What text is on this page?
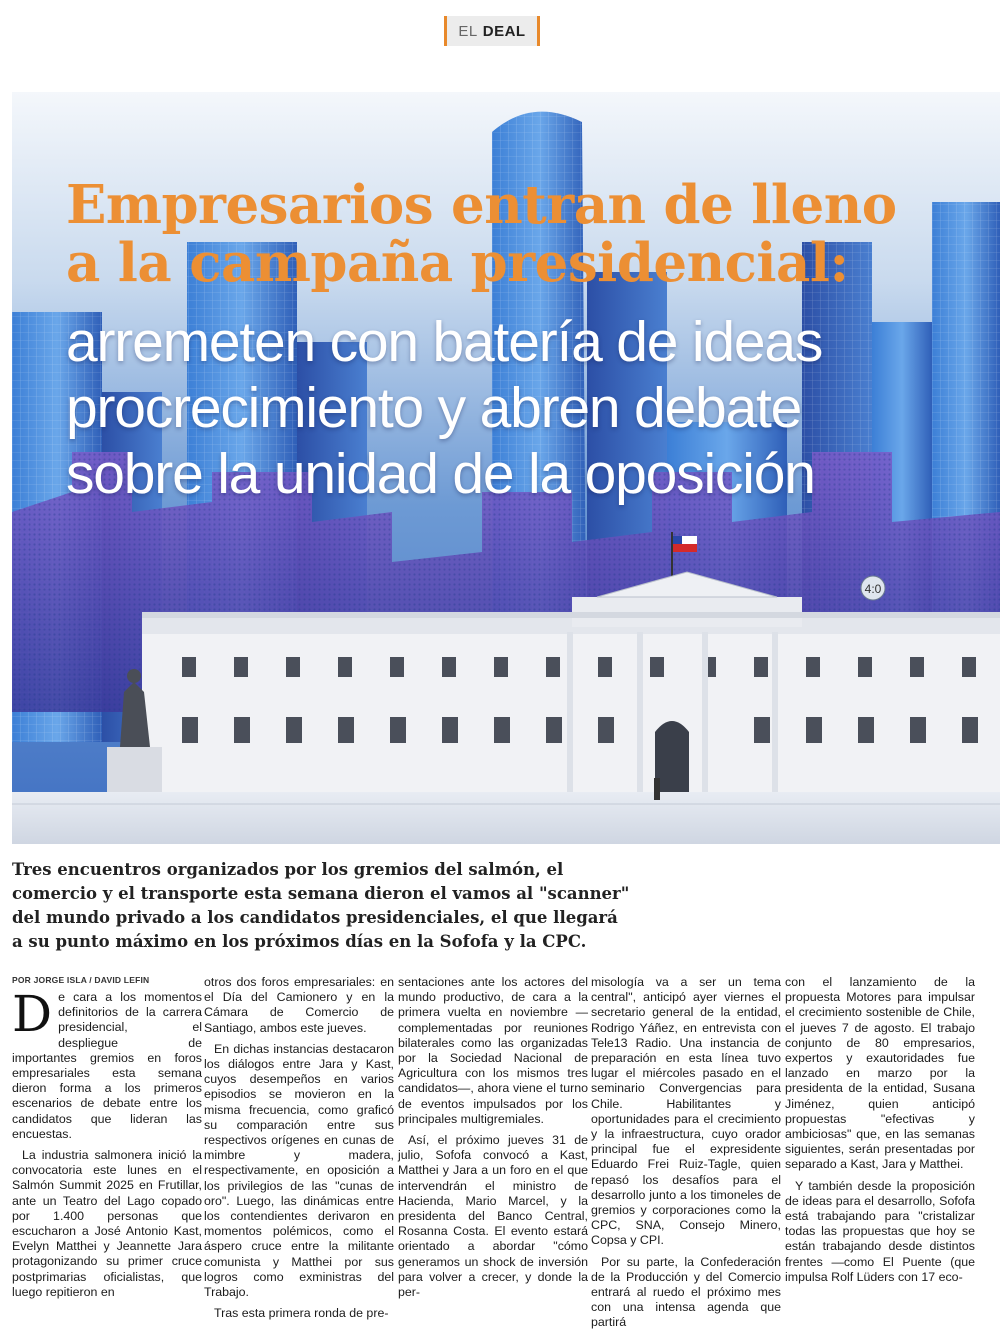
EL DEAL
4:0
Empresarios entran de lleno
a la campaña presidencial:
arremeten con batería de ideas
procrecimiento y abren debate
sobre la unidad de la oposición
Tres encuentros organizados por los gremios del salmón, el
comercio y el transporte esta semana dieron el vamos al "scanner"
del mundo privado a los candidatos presidenciales, el que llegará
a su punto máximo en los próximos días en la Sofofa y la CPC.
POR JORGE ISLA / DAVID LEFIN

De cara a los momentos definitorios de la carrera presidencial, el despliegue de importantes gremios en foros empresariales esta semana dieron forma a los primeros escenarios de debate entre los candidatos que lideran las encuestas.

La industria salmonera inició la convocatoria este lunes en el Salmón Summit 2025 en Frutillar, ante un Teatro del Lago copado por 1.400 personas que escucharon a José Antonio Kast, Evelyn Matthei y Jeannette Jara protagonizando su primer cruce postprimarias oficialistas, que luego repitieron en

otros dos foros empresariales: en el Día del Camionero y en la Cámara de Comercio de Santiago, ambos este jueves.

En dichas instancias destacaron los diálogos entre Jara y Kast, cuyos desempeños en varios episodios se movieron en la misma frecuencia, como graficó su comparación entre sus respectivos orígenes en cunas de mimbre y madera, respectivamente, en oposición a los privilegios de las "cunas de oro". Luego, las dinámicas entre los contendientes derivaron en momentos polémicos, como el áspero cruce entre la militante comunista y Matthei por sus logros como exministras del Trabajo.

Tras esta primera ronda de pre-

sentaciones ante los actores del mundo productivo, de cara a la primera vuelta en noviembre — complementadas por reuniones bilaterales como las organizadas por la Sociedad Nacional de Agricultura con los mismos tres candidatos—, ahora viene el turno de eventos impulsados por los principales multigremiales.

Así, el próximo jueves 31 de julio, Sofofa convocó a Kast, Matthei y Jara a un foro en el que intervendrán el ministro de Hacienda, Mario Marcel, y la presidenta del Banco Central, Rosanna Costa. El evento estará orientado a abordar "cómo generamos un shock de inversión para volver a crecer, y donde la per-

misología va a ser un tema central", anticipó ayer viernes el secretario general de la entidad, Rodrigo Yáñez, en entrevista con Tele13 Radio. Una instancia de preparación en esta línea tuvo lugar el miércoles pasado en el seminario Convergencias para Chile. Habilitantes y oportunidades para el crecimiento y la infraestructura, cuyo orador principal fue el expresidente Eduardo Frei Ruiz-Tagle, quien repasó los desafíos para el desarrollo junto a los timoneles de gremios y corporaciones como la CPC, SNA, Consejo Minero, Copsa y CPI.

Por su parte, la Confederación de la Producción y del Comercio entrará al ruedo el próximo mes con una intensa agenda que partirá

con el lanzamiento de la propuesta Motores para impulsar el crecimiento sostenible de Chile, el jueves 7 de agosto. El trabajo conjunto de 80 empresarios, expertos y exautoridades fue lanzado en marzo por la presidenta de la entidad, Susana Jiménez, quien anticipó propuestas "efectivas y ambiciosas" que, en las semanas siguientes, serán presentadas por separado a Kast, Jara y Matthei.

Y también desde la proposición de ideas para el desarrollo, Sofofa está trabajando para "cristalizar todas las propuestas que hoy se están trabajando desde distintos frentes —como El Puente (que impulsa Rolf Lüders con 17 eco-
